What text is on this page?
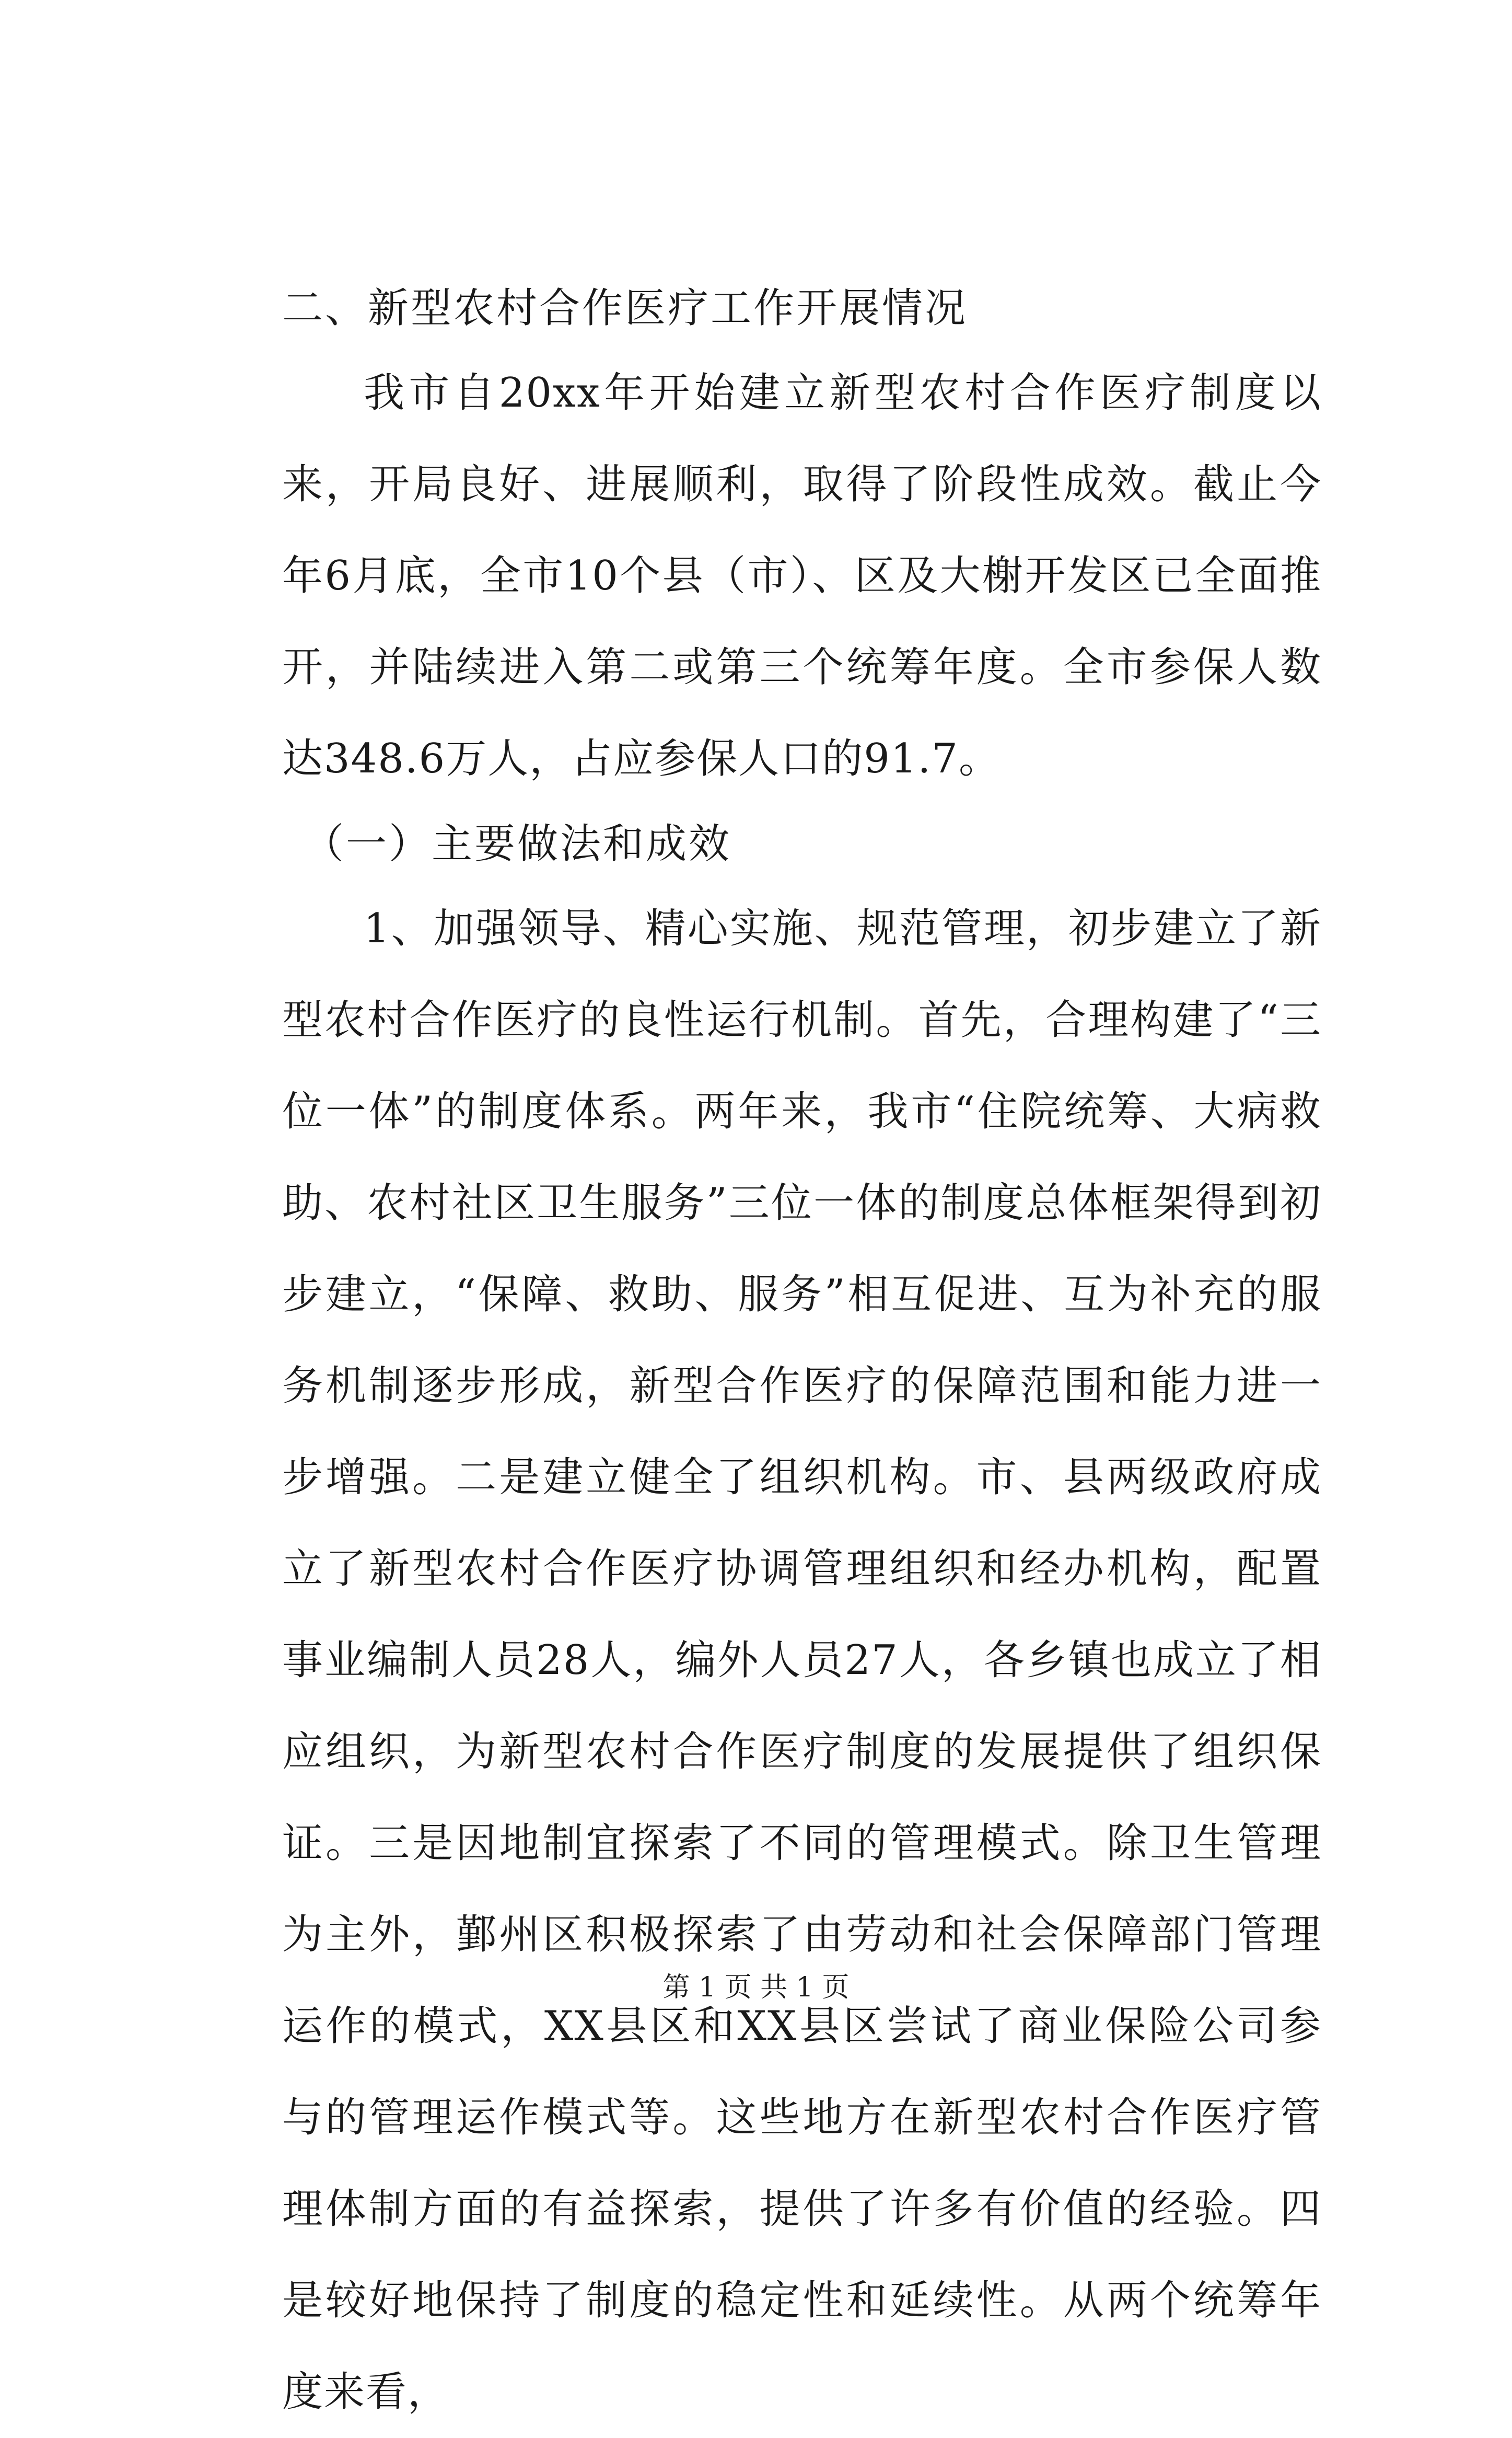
二、新型农村合作医疗工作开展情况

我市自20xx年开始建立新型农村合作医疗制度以来，开局良好、进展顺利，取得了阶段性成效。截止今年6月底，全市10个县（市）、区及大榭开发区已全面推开，并陆续进入第二或第三个统筹年度。全市参保人数达348.6万人，占应参保人口的91.7。

（一）主要做法和成效

1、加强领导、精心实施、规范管理，初步建立了新型农村合作医疗的良性运行机制。首先，合理构建了“三位一体”的制度体系。两年来，我市“住院统筹、大病救助、农村社区卫生服务”三位一体的制度总体框架得到初步建立，“保障、救助、服务”相互促进、互为补充的服务机制逐步形成，新型合作医疗的保障范围和能力进一步增强。二是建立健全了组织机构。市、县两级政府成立了新型农村合作医疗协调管理组织和经办机构，配置事业编制人员28人，编外人员27人，各乡镇也成立了相应组织，为新型农村合作医疗制度的发展提供了组织保证。三是因地制宜探索了不同的管理模式。除卫生管理为主外，鄞州区积极探索了由劳动和社会保障部门管理运作的模式，XX县区和XX县区尝试了商业保险公司参与的管理运作模式等。这些地方在新型农村合作医疗管理体制方面的有益探索，提供了许多有价值的经验。四是较好地保持了制度的稳定性和延续性。从两个统筹年度来看，

第 1 页 共 1 页
